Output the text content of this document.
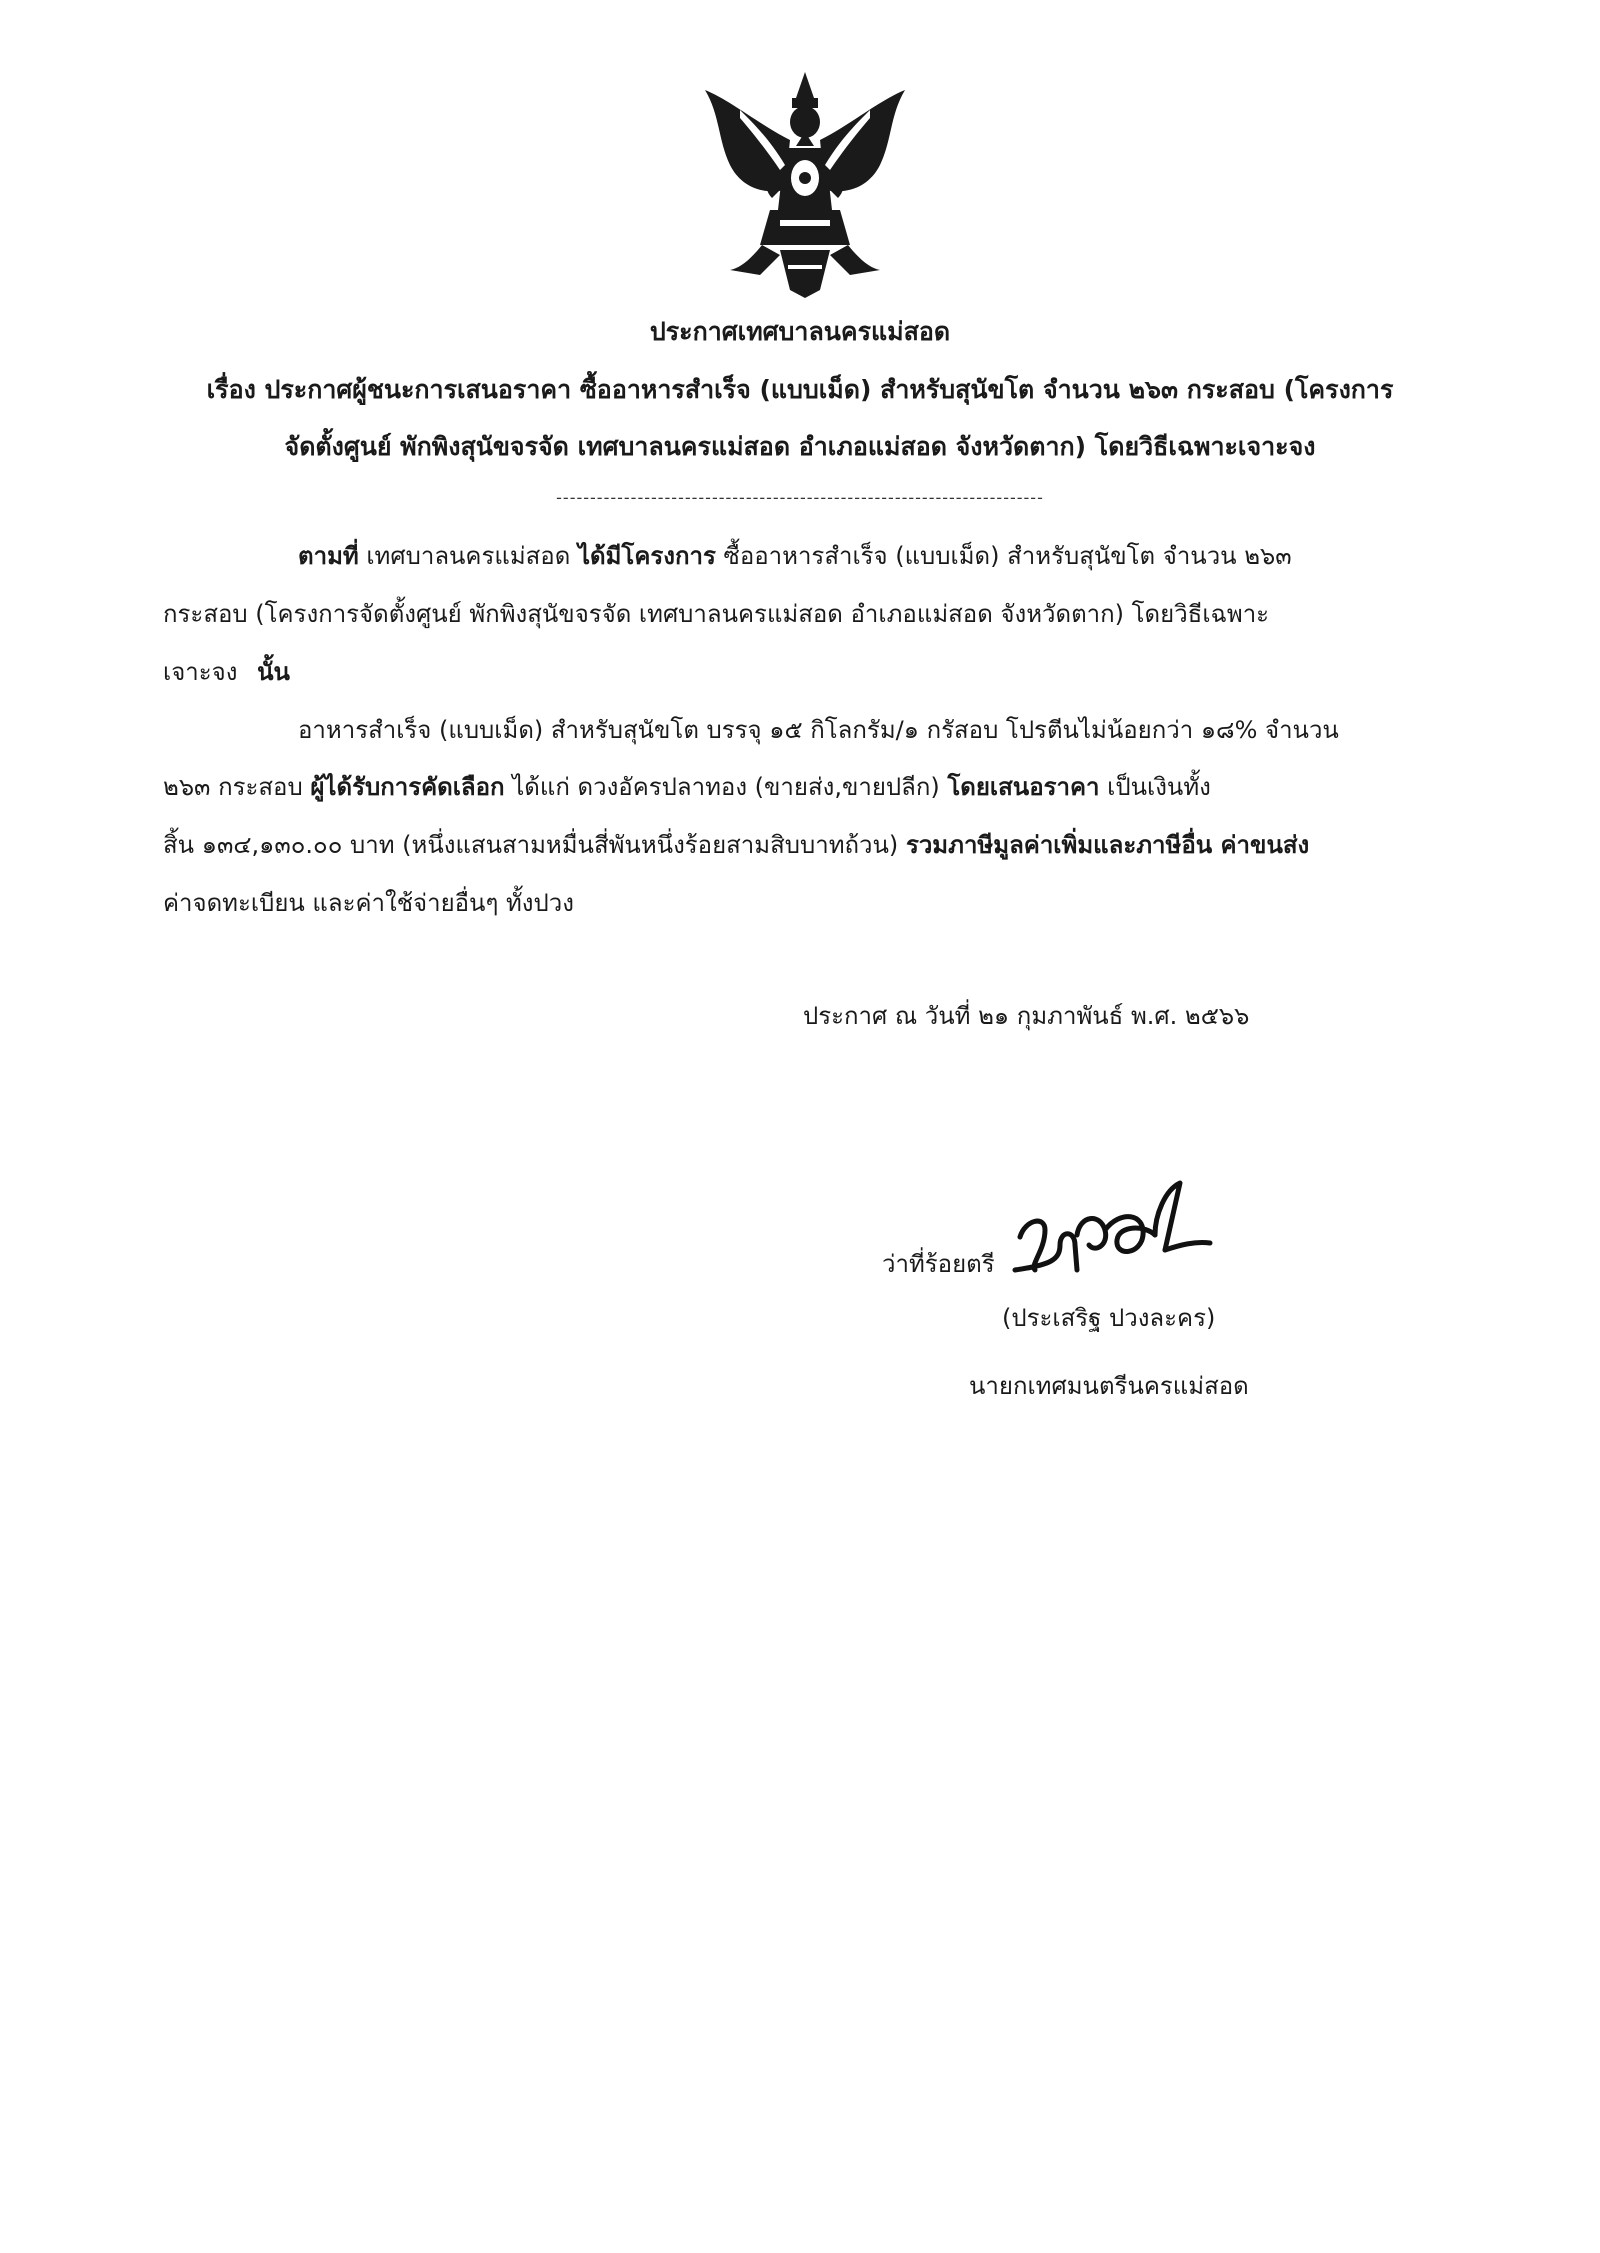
ประกาศเทศบาลนครแม่สอด
เรื่อง ประกาศผู้ชนะการเสนอราคา ซื้ออาหารสำเร็จ (แบบเม็ด) สำหรับสุนัขโต จำนวน ๒๖๓ กระสอบ (โครงการ
จัดตั้งศูนย์ พักพิงสุนัขจรจัด เทศบาลนครแม่สอด อำเภอแม่สอด จังหวัดตาก) โดยวิธีเฉพาะเจาะจง
------------------------------------------------------------------------
ตามที่ เทศบาลนครแม่สอด ได้มีโครงการ ซื้ออาหารสำเร็จ (แบบเม็ด) สำหรับสุนัขโต จำนวน ๒๖๓
กระสอบ (โครงการจัดตั้งศูนย์ พักพิงสุนัขจรจัด เทศบาลนครแม่สอด อำเภอแม่สอด จังหวัดตาก) โดยวิธีเฉพาะ
เจาะจง นั้น
อาหารสำเร็จ (แบบเม็ด) สำหรับสุนัขโต บรรจุ ๑๕ กิโลกรัม/๑ กรัสอบ โปรตีนไม่น้อยกว่า ๑๘% จำนวน
๒๖๓ กระสอบ ผู้ได้รับการคัดเลือก ได้แก่ ดวงอัครปลาทอง (ขายส่ง,ขายปลีก) โดยเสนอราคา เป็นเงินทั้ง
สิ้น ๑๓๔,๑๓๐.๐๐ บาท (หนึ่งแสนสามหมื่นสี่พันหนึ่งร้อยสามสิบบาทถ้วน) รวมภาษีมูลค่าเพิ่มและภาษีอื่น ค่าขนส่ง
ค่าจดทะเบียน และค่าใช้จ่ายอื่นๆ ทั้งปวง
ประกาศ ณ วันที่ ๒๑ กุมภาพันธ์ พ.ศ. ๒๕๖๖
ว่าที่ร้อยตรี
(ประเสริฐ ปวงละคร)
นายกเทศมนตรีนครแม่สอด
